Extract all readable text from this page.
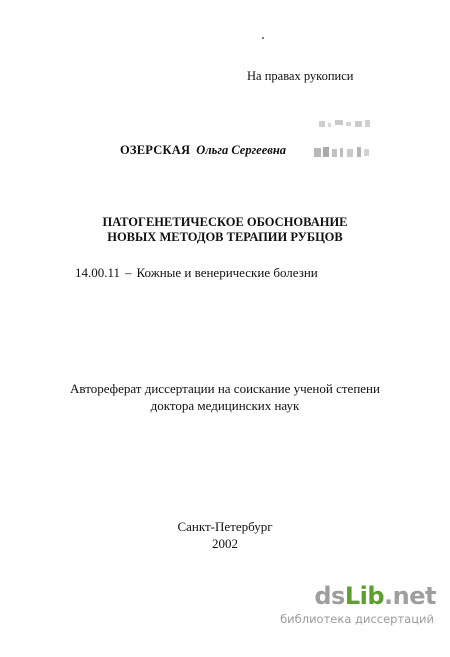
На правах рукописи
ОЗЕРСКАЯ Ольга Сергеевна
ПАТОГЕНЕТИЧЕСКОЕ ОБОСНОВАНИЕ
НОВЫХ МЕТОДОВ ТЕРАПИИ РУБЦОВ
14.00.11 – Кожные и венерические болезни
Автореферат диссертации на соискание ученой степени
доктора медицинских наук
Санкт-Петербург
2002
dsLib.net
библиотека диссертаций
